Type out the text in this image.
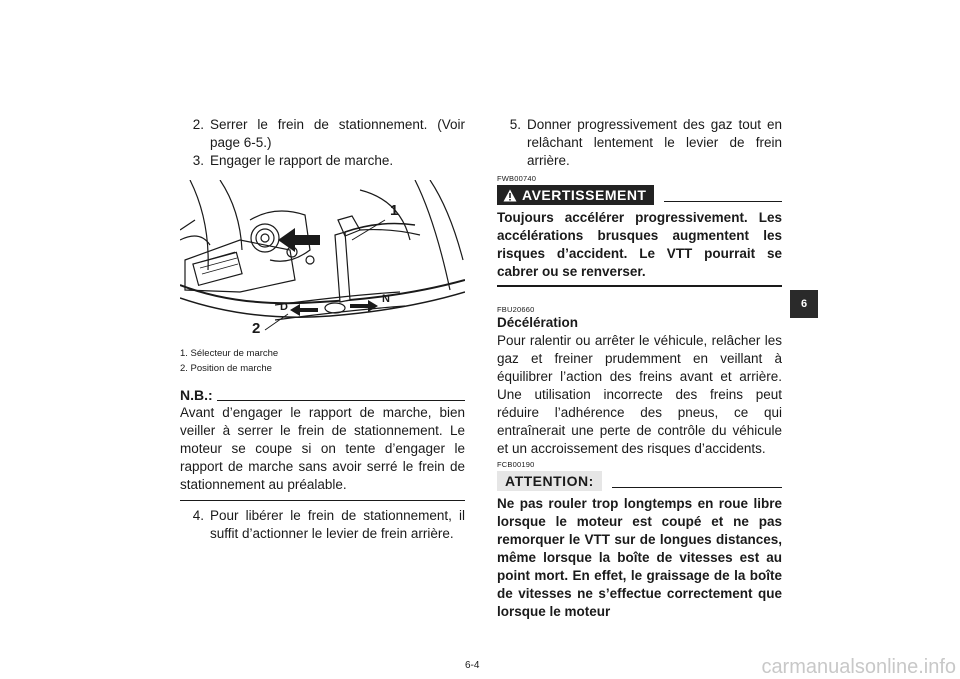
2. Serrer le frein de stationnement. (Voir page 6-5.)
3. Engager le rapport de marche.
1
2
D
N
1. Sélecteur de marche
2. Position de marche
N.B.:
Avant d’engager le rapport de marche, bien veiller à serrer le frein de stationnement. Le moteur se coupe si on tente d’engager le rapport de marche sans avoir serré le frein de stationnement au préalable.
4. Pour libérer le frein de stationnement, il suffit d’actionner le levier de frein arrière.
5. Donner progressivement des gaz tout en relâchant lentement le levier de frein arrière.
FWB00740
AVERTISSEMENT
Toujours accélérer progressivement. Les accélérations brusques augmentent les risques d’accident. Le VTT pourrait se cabrer ou se renverser.
FBU20660
Décélération
Pour ralentir ou arrêter le véhicule, relâcher les gaz et freiner prudemment en veillant à équilibrer l’action des freins avant et arrière. Une utilisation incorrecte des freins peut réduire l’adhérence des pneus, ce qui entraînerait une perte de contrôle du véhicule et un accroissement des risques d’accidents.
FCB00190
ATTENTION:
Ne pas rouler trop longtemps en roue libre lorsque le moteur est coupé et ne pas remorquer le VTT sur de longues distances, même lorsque la boîte de vitesses est au point mort. En effet, le graissage de la boîte de vitesses ne s’effectue correctement que lorsque le moteur
6
6-4	carmanualsonline.info
